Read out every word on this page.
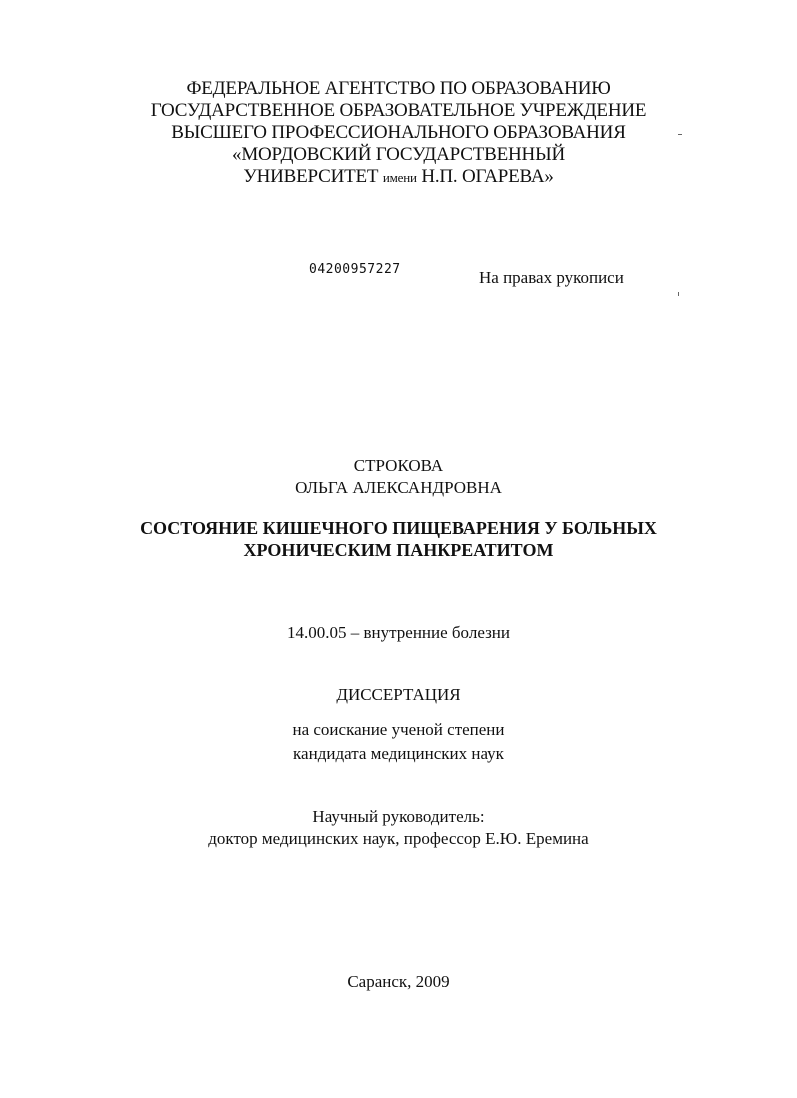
ФЕДЕРАЛЬНОЕ АГЕНТСТВО ПО ОБРАЗОВАНИЮ
ГОСУДАРСТВЕННОЕ ОБРАЗОВАТЕЛЬНОЕ УЧРЕЖДЕНИЕ
ВЫСШЕГО ПРОФЕССИОНАЛЬНОГО ОБРАЗОВАНИЯ
«МОРДОВСКИЙ ГОСУДАРСТВЕННЫЙ
УНИВЕРСИТЕТ имени Н.П. ОГАРЕВА»
04200957227	На правах рукописи
СТРОКОВА
ОЛЬГА АЛЕКСАНДРОВНА
СОСТОЯНИЕ КИШЕЧНОГО ПИЩЕВАРЕНИЯ У БОЛЬНЫХ
ХРОНИЧЕСКИМ ПАНКРЕАТИТОМ
14.00.05 – внутренние болезни
ДИССЕРТАЦИЯ
на соискание ученой степени
кандидата медицинских наук
Научный руководитель:
доктор медицинских наук, профессор Е.Ю. Еремина
Саранск, 2009
